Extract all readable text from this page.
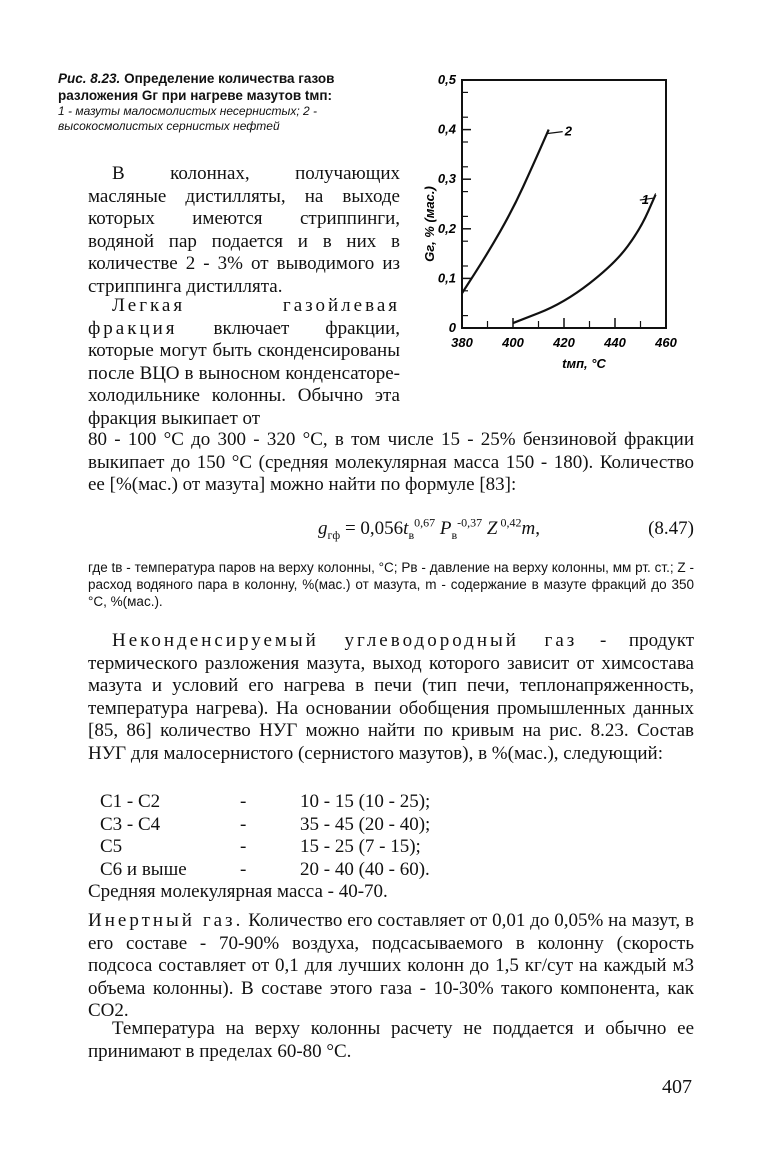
Рис. 8.23. Определение количества газов разложения Gг при нагреве мазутов tмп:
1 - мазуты малосмолистых несернистых; 2 - высокосмолистых сернистых нефтей
0
0,1
0,2
0,3
0,4
0,5
380 400 420 440 460
tмп, °С
Gг, % (мас.)	1
2
В колоннах, получающих масляные дистилляты, на выходе которых имеются стриппинги, водяной пар подается и в них в количестве 2 - 3% от выводимого из стриппинга дистиллята.
Легкая газойлевая фракция включает фракции, которые могут быть сконденсированы после ВЦО в выносном конденсаторе-холодильнике колонны. Обычно эта фракция выкипает от
80 - 100 °С до 300 - 320 °С, в том числе 15 - 25% бензиновой фракции выкипает до 150 °С (средняя молекулярная масса 150 - 180). Количество ее [%(мас.) от мазута] можно найти по формуле [83]:
$g_{гф} = 0,056t_в^{0,67}$ $P_в^{-0,37}$ Z $^{0,42}$m,	(8.47)
где tв - температура паров на верху колонны, °С; Pв - давление на верху колонны, мм рт. ст.; Z - расход водяного пара в колонну, %(мас.) от мазута, m - содержание в мазуте фракций до 350 °С, %(мас.).
Неконденсируемый углеводородный газ - продукт термического разложения мазута, выход которого зависит от химсостава мазута и условий его нагрева в печи (тип печи, теплонапряженность, температура нагрева). На основании обобщения промышленных данных [85, 86] количество НУГ можно найти по кривым на рис. 8.23. Состав НУГ для малосернистого (сернистого мазутов), в %(мас.), следующий:
C1 - C2	-	10 - 15 (10 - 25);
C3 - C4	-	35 - 45 (20 - 40);
C5	-	15 - 25 (7 - 15);
C6 и выше	-	20 - 40 (40 - 60).
Средняя молекулярная масса - 40-70.
Инертный газ. Количество его составляет от 0,01 до 0,05% на мазут, в его составе - 70-90% воздуха, подсасываемого в колонну (скорость подсоса составляет от 0,1 для лучших колонн до 1,5 кг/сут на каждый м3 объема колонны). В составе этого газа - 10-30% такого компонента, как CO2.
Температура на верху колонны расчету не поддается и обычно ее принимают в пределах 60-80 °С.
407
